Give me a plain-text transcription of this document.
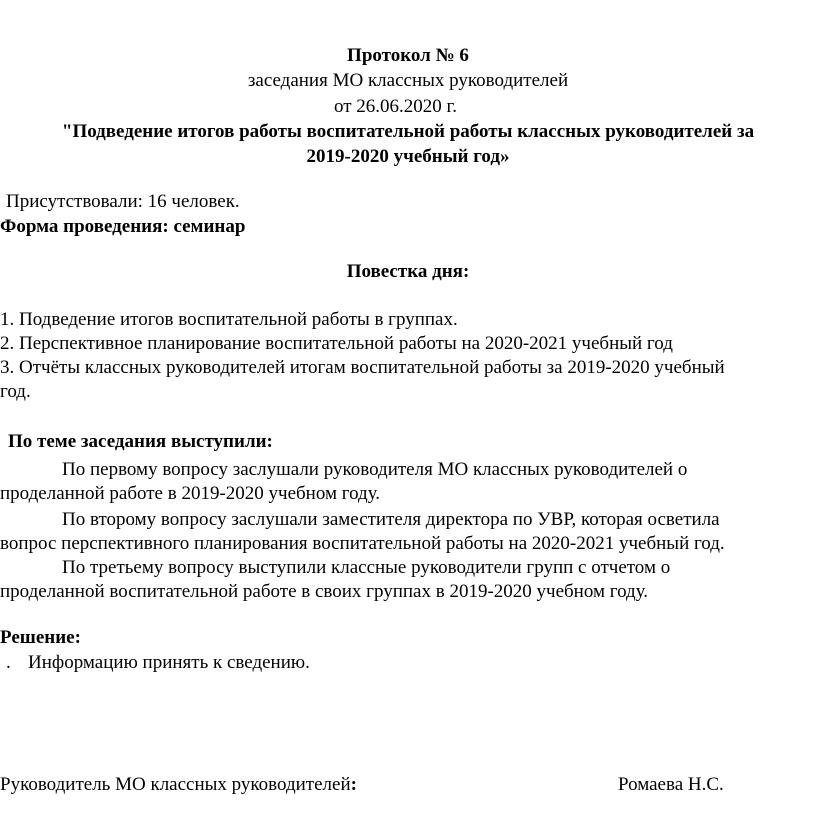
Протокол № 6
заседания МО классных руководителей
от 26.06.2020 г.
"Подведение итогов работы воспитательной работы классных руководителей за
2019-2020 учебный год»
Присутствовали: 16 человек.
Форма проведения: семинар
Повестка дня:
1. Подведение итогов воспитательной работы в группах.
2. Перспективное планирование воспитательной работы на 2020-2021 учебный год
3. Отчёты классных руководителей итогам воспитательной работы за 2019-2020 учебный
год.
По теме заседания выступили:
По первому вопросу заслушали руководителя МО классных руководителей о
проделанной работе в 2019-2020 учебном году.
По второму вопросу заслушали заместителя директора по УВР, которая осветила
вопрос перспективного планирования воспитательной работы на 2020-2021 учебный год.
По третьему вопросу выступили классные руководители групп с отчетом о
проделанной воспитательной работе в своих группах в 2019-2020 учебном году.
Решение:
. Информацию принять к сведению.
Руководитель МО классных руководителей:	Ромаева Н.С.
